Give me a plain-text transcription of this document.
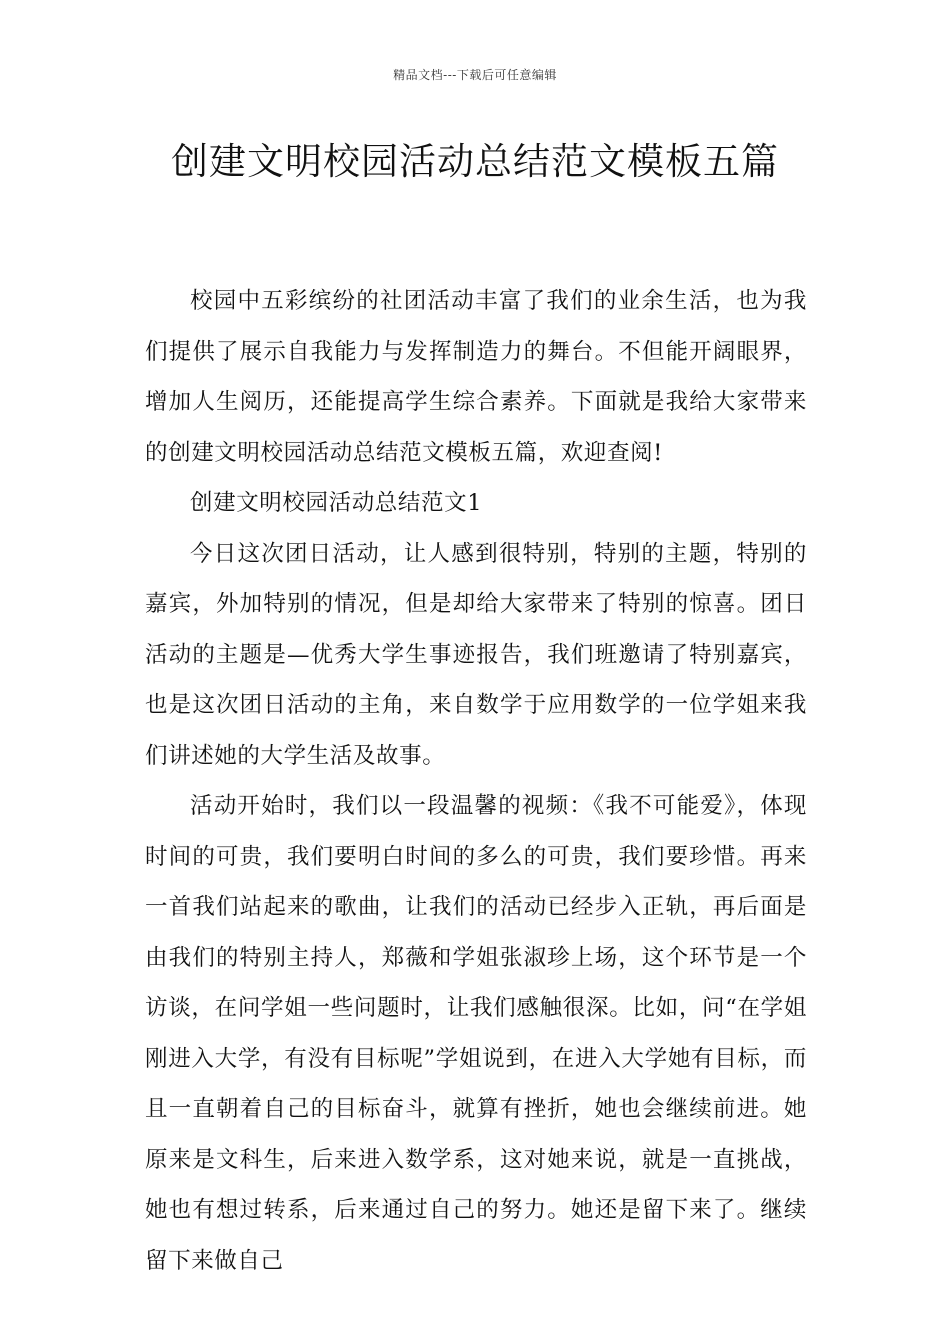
精品文档---下载后可任意编辑
创建文明校园活动总结范文模板五篇

校园中五彩缤纷的社团活动丰富了我们的业余生活，也为我们提供了展示自我能力与发挥制造力的舞台。不但能开阔眼界，增加人生阅历，还能提高学生综合素养。下面就是我给大家带来的创建文明校园活动总结范文模板五篇，欢迎查阅!

创建文明校园活动总结范文1

今日这次团日活动，让人感到很特别，特别的主题，特别的嘉宾，外加特别的情况，但是却给大家带来了特别的惊喜。团日活动的主题是—优秀大学生事迹报告，我们班邀请了特别嘉宾，也是这次团日活动的主角，来自数学于应用数学的一位学姐来我们讲述她的大学生活及故事。

活动开始时，我们以一段温馨的视频：《我不可能爱》，体现时间的可贵，我们要明白时间的多么的可贵，我们要珍惜。再来一首我们站起来的歌曲，让我们的活动已经步入正轨，再后面是由我们的特别主持人，郑薇和学姐张淑珍上场，这个环节是一个访谈，在问学姐一些问题时，让我们感触很深。比如，问“在学姐刚进入大学，有没有目标呢”学姐说到，在进入大学她有目标，而且一直朝着自己的目标奋斗，就算有挫折，她也会继续前进。她原来是文科生，后来进入数学系，这对她来说，就是一直挑战，她也有想过转系，后来通过自己的努力。她还是留下来了。继续留下来做自己
